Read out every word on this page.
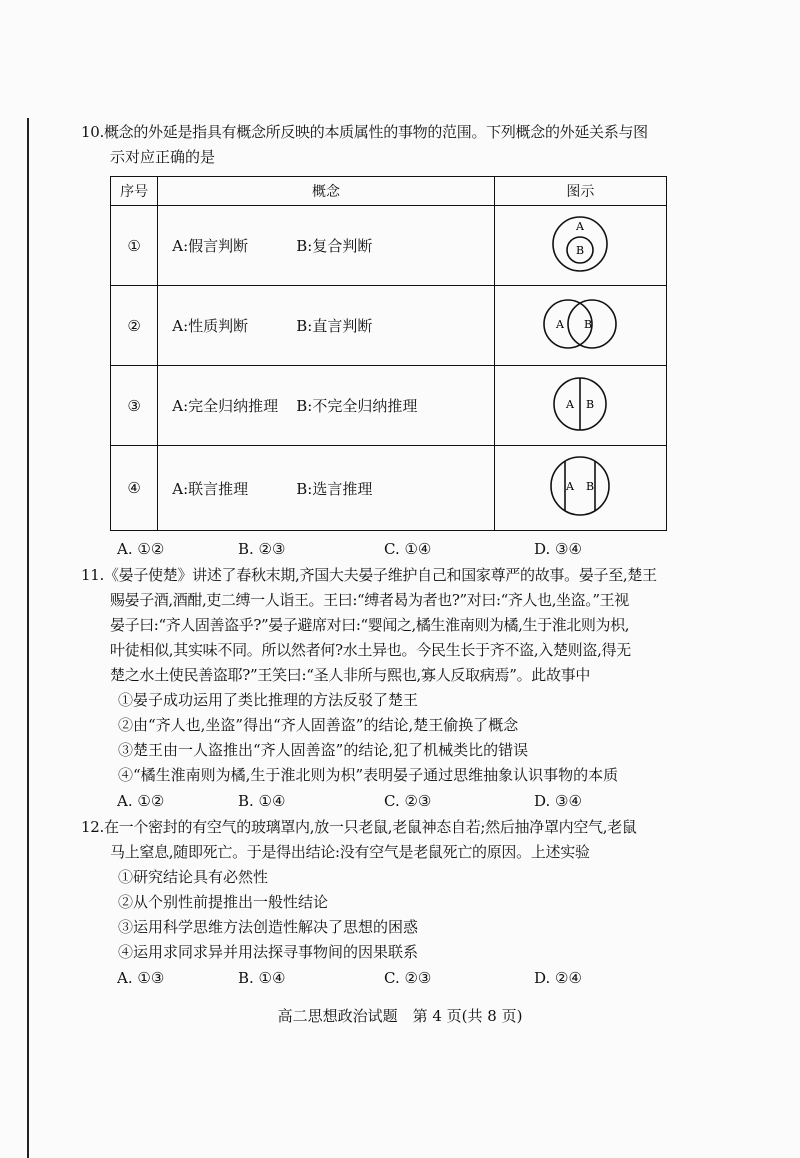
10.概念的外延是指具有概念所反映的本质属性的事物的范围。下列概念的外延关系与图

示对应正确的是

序号	概念	图示
①	A:假言判断 B:复合判断	A
B

②	A:性质判断 B:直言判断	A B

③	A:完全归纳推理 B:不完全归纳推理	A B

④	A:联言推理 B:选言推理	A B
A. ①②	B. ②③	C. ①④	D. ③④

11.《晏子使楚》讲述了春秋末期,齐国大夫晏子维护自己和国家尊严的故事。晏子至,楚王

赐晏子酒,酒酣,吏二缚一人诣王。王曰:“缚者曷为者也?”对曰:“齐人也,坐盗。”王视

晏子曰:“齐人固善盗乎?”晏子避席对曰:“婴闻之,橘生淮南则为橘,生于淮北则为枳,

叶徒相似,其实味不同。所以然者何?水土异也。今民生长于齐不盗,入楚则盗,得无

楚之水土使民善盗耶?”王笑曰:“圣人非所与熙也,寡人反取病焉”。此故事中

①晏子成功运用了类比推理的方法反驳了楚王

②由“齐人也,坐盗”得出“齐人固善盗”的结论,楚王偷换了概念

③楚王由一人盗推出“齐人固善盗”的结论,犯了机械类比的错误

④“橘生淮南则为橘,生于淮北则为枳”表明晏子通过思维抽象认识事物的本质

A. ①②	B. ①④	C. ②③	D. ③④

12.在一个密封的有空气的玻璃罩内,放一只老鼠,老鼠神态自若;然后抽净罩内空气,老鼠

马上窒息,随即死亡。于是得出结论:没有空气是老鼠死亡的原因。上述实验

①研究结论具有必然性

②从个别性前提推出一般性结论

③运用科学思维方法创造性解决了思想的困惑

④运用求同求异并用法探寻事物间的因果联系

A. ①③	B. ①④	C. ②③	D. ②④
高二思想政治试题　第 4 页(共 8 页)
